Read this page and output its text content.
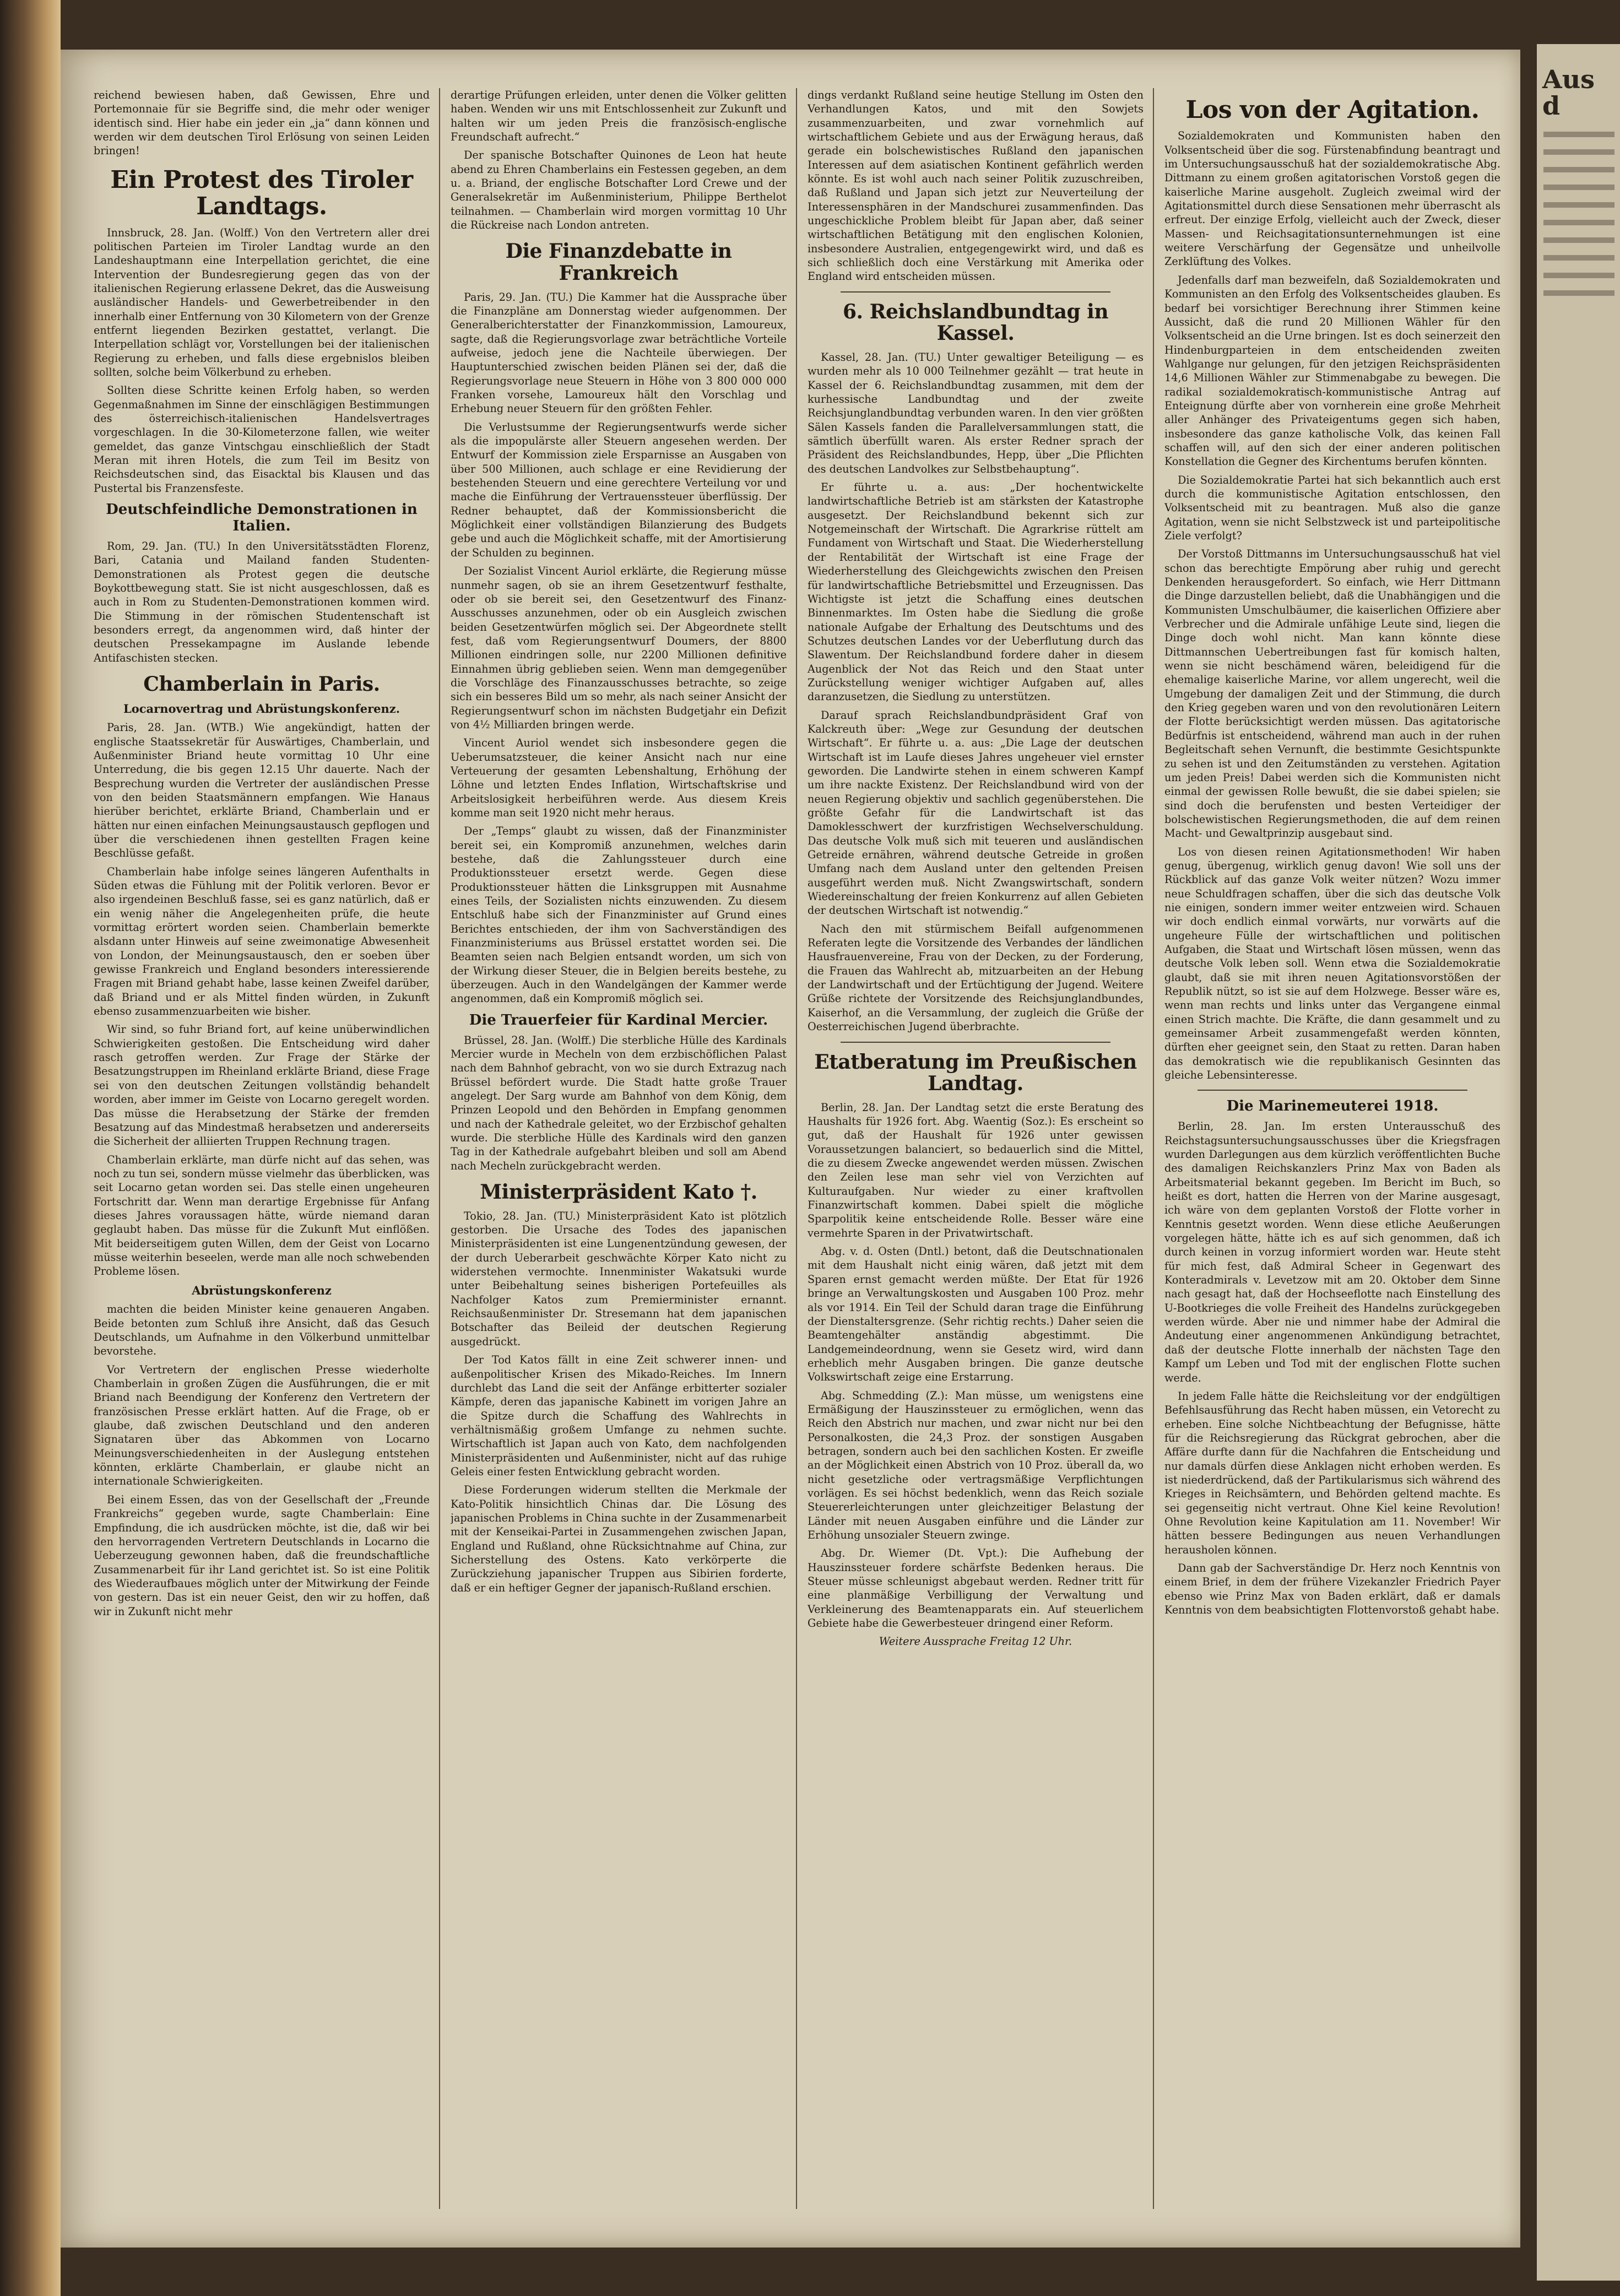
reichend bewiesen haben, daß Gewissen, Ehre und Portemonnaie für sie Begriffe sind, die mehr oder weniger identisch sind. Hier habe ein jeder ein „ja“ dann können und werden wir dem deutschen Tirol Erlösung von seinen Leiden bringen!

Ein Protest des Tiroler Landtags.

Innsbruck, 28. Jan. (Wolff.) Von den Vertretern aller drei politischen Parteien im Tiroler Landtag wurde an den Landeshauptmann eine Interpellation gerichtet, die eine Intervention der Bundesregierung gegen das von der italienischen Regierung erlassene Dekret, das die Ausweisung ausländischer Handels- und Gewerbetreibender in den innerhalb einer Entfernung von 30 Kilometern von der Grenze entfernt liegenden Bezirken gestattet, verlangt. Die Interpellation schlägt vor, Vorstellungen bei der italienischen Regierung zu erheben, und falls diese ergebnislos bleiben sollten, solche beim Völkerbund zu erheben.

Sollten diese Schritte keinen Erfolg haben, so werden Gegenmaßnahmen im Sinne der einschlägigen Bestimmungen des österreichisch-italienischen Handelsvertrages vorgeschlagen. In die 30-Kilometerzone fallen, wie weiter gemeldet, das ganze Vintschgau einschließlich der Stadt Meran mit ihren Hotels, die zum Teil im Besitz von Reichsdeutschen sind, das Eisacktal bis Klausen und das Pustertal bis Franzensfeste.

Deutschfeindliche Demonstrationen in Italien.

Rom, 29. Jan. (TU.) In den Universitätsstädten Florenz, Bari, Catania und Mailand fanden Studenten-Demonstrationen als Protest gegen die deutsche Boykottbewegung statt. Sie ist nicht ausgeschlossen, daß es auch in Rom zu Studenten-Demonstrationen kommen wird. Die Stimmung in der römischen Studentenschaft ist besonders erregt, da angenommen wird, daß hinter der deutschen Pressekampagne im Auslande lebende Antifaschisten stecken.

Chamberlain in Paris.
Locarnovertrag und Abrüstungskonferenz.

Paris, 28. Jan. (WTB.) Wie angekündigt, hatten der englische Staatssekretär für Auswärtiges, Chamberlain, und Außenminister Briand heute vormittag 10 Uhr eine Unterredung, die bis gegen 12.15 Uhr dauerte. Nach der Besprechung wurden die Vertreter der ausländischen Presse von den beiden Staatsmännern empfangen. Wie Hanaus hierüber berichtet, erklärte Briand, Chamberlain und er hätten nur einen einfachen Meinungsaustausch gepflogen und über die verschiedenen ihnen gestellten Fragen keine Beschlüsse gefaßt.

Chamberlain habe infolge seines längeren Aufenthalts in Süden etwas die Fühlung mit der Politik verloren. Bevor er also irgendeinen Beschluß fasse, sei es ganz natürlich, daß er ein wenig näher die Angelegenheiten prüfe, die heute vormittag erörtert worden seien. Chamberlain bemerkte alsdann unter Hinweis auf seine zweimonatige Abwesenheit von London, der Meinungsaustausch, den er soeben über gewisse Frankreich und England besonders interessierende Fragen mit Briand gehabt habe, lasse keinen Zweifel darüber, daß Briand und er als Mittel finden würden, in Zukunft ebenso zusammenzuarbeiten wie bisher.

Wir sind, so fuhr Briand fort, auf keine unüberwindlichen Schwierigkeiten gestoßen. Die Entscheidung wird daher rasch getroffen werden. Zur Frage der Stärke der Besatzungstruppen im Rheinland erklärte Briand, diese Frage sei von den deutschen Zeitungen vollständig behandelt worden, aber immer im Geiste von Locarno geregelt worden. Das müsse die Herabsetzung der Stärke der fremden Besatzung auf das Mindestmaß herabsetzen und andererseits die Sicherheit der alliierten Truppen Rechnung tragen.

Chamberlain erklärte, man dürfe nicht auf das sehen, was noch zu tun sei, sondern müsse vielmehr das überblicken, was seit Locarno getan worden sei. Das stelle einen ungeheuren Fortschritt dar. Wenn man derartige Ergebnisse für Anfang dieses Jahres voraussagen hätte, würde niemand daran geglaubt haben. Das müsse für die Zukunft Mut einflößen. Mit beiderseitigem guten Willen, dem der Geist von Locarno müsse weiterhin beseelen, werde man alle noch schwebenden Probleme lösen.

Abrüstungskonferenz

machten die beiden Minister keine genaueren Angaben. Beide betonten zum Schluß ihre Ansicht, daß das Gesuch Deutschlands, um Aufnahme in den Völkerbund unmittelbar bevorstehe.

Vor Vertretern der englischen Presse wiederholte Chamberlain in großen Zügen die Ausführungen, die er mit Briand nach Beendigung der Konferenz den Vertretern der französischen Presse erklärt hatten. Auf die Frage, ob er glaube, daß zwischen Deutschland und den anderen Signataren über das Abkommen von Locarno Meinungsverschiedenheiten in der Auslegung entstehen könnten, erklärte Chamberlain, er glaube nicht an internationale Schwierigkeiten.

Bei einem Essen, das von der Gesellschaft der „Freunde Frankreichs“ gegeben wurde, sagte Chamberlain: Eine Empfindung, die ich ausdrücken möchte, ist die, daß wir bei den hervorragenden Vertretern Deutschlands in Locarno die Ueberzeugung gewonnen haben, daß die freundschaftliche Zusammenarbeit für ihr Land gerichtet ist. So ist eine Politik des Wiederaufbaues möglich unter der Mitwirkung der Feinde von gestern. Das ist ein neuer Geist, den wir zu hoffen, daß wir in Zukunft nicht mehr

derartige Prüfungen erleiden, unter denen die Völker gelitten haben. Wenden wir uns mit Entschlossenheit zur Zukunft und halten wir um jeden Preis die französisch-englische Freundschaft aufrecht.“

Der spanische Botschafter Quinones de Leon hat heute abend zu Ehren Chamberlains ein Festessen gegeben, an dem u. a. Briand, der englische Botschafter Lord Crewe und der Generalsekretär im Außenministerium, Philippe Berthelot teilnahmen. — Chamberlain wird morgen vormittag 10 Uhr die Rückreise nach London antreten.

Die Finanzdebatte in Frankreich

Paris, 29. Jan. (TU.) Die Kammer hat die Aussprache über die Finanzpläne am Donnerstag wieder aufgenommen. Der Generalberichterstatter der Finanzkommission, Lamoureux, sagte, daß die Regierungsvorlage zwar beträchtliche Vorteile aufweise, jedoch jene die Nachteile überwiegen. Der Hauptunterschied zwischen beiden Plänen sei der, daß die Regierungsvorlage neue Steuern in Höhe von 3 800 000 000 Franken vorsehe, Lamoureux hält den Vorschlag und Erhebung neuer Steuern für den größten Fehler.

Die Verlustsumme der Regierungsentwurfs werde sicher als die impopulärste aller Steuern angesehen werden. Der Entwurf der Kommission ziele Ersparnisse an Ausgaben von über 500 Millionen, auch schlage er eine Revidierung der bestehenden Steuern und eine gerechtere Verteilung vor und mache die Einführung der Vertrauenssteuer überflüssig. Der Redner behauptet, daß der Kommissionsbericht die Möglichkeit einer vollständigen Bilanzierung des Budgets gebe und auch die Möglichkeit schaffe, mit der Amortisierung der Schulden zu beginnen.

Der Sozialist Vincent Auriol erklärte, die Regierung müsse nunmehr sagen, ob sie an ihrem Gesetzentwurf festhalte, oder ob sie bereit sei, den Gesetzentwurf des Finanz-Ausschusses anzunehmen, oder ob ein Ausgleich zwischen beiden Gesetzentwürfen möglich sei. Der Abgeordnete stellt fest, daß vom Regierungsentwurf Doumers, der 8800 Millionen eindringen solle, nur 2200 Millionen definitive Einnahmen übrig geblieben seien. Wenn man demgegenüber die Vorschläge des Finanzausschusses betrachte, so zeige sich ein besseres Bild um so mehr, als nach seiner Ansicht der Regierungsentwurf schon im nächsten Budgetjahr ein Defizit von 4½ Milliarden bringen werde.

Vincent Auriol wendet sich insbesondere gegen die Ueberumsatzsteuer, die keiner Ansicht nach nur eine Verteuerung der gesamten Lebenshaltung, Erhöhung der Löhne und letzten Endes Inflation, Wirtschaftskrise und Arbeitslosigkeit herbeiführen werde. Aus diesem Kreis komme man seit 1920 nicht mehr heraus.

Der „Temps“ glaubt zu wissen, daß der Finanzminister bereit sei, ein Kompromiß anzunehmen, welches darin bestehe, daß die Zahlungssteuer durch eine Produktionssteuer ersetzt werde. Gegen diese Produktionssteuer hätten die Linksgruppen mit Ausnahme eines Teils, der Sozialisten nichts einzuwenden. Zu diesem Entschluß habe sich der Finanzminister auf Grund eines Berichtes entschieden, der ihm von Sachverständigen des Finanzministeriums aus Brüssel erstattet worden sei. Die Beamten seien nach Belgien entsandt worden, um sich von der Wirkung dieser Steuer, die in Belgien bereits bestehe, zu überzeugen. Auch in den Wandelgängen der Kammer werde angenommen, daß ein Kompromiß möglich sei.

Die Trauerfeier für Kardinal Mercier.

Brüssel, 28. Jan. (Wolff.) Die sterbliche Hülle des Kardinals Mercier wurde in Mecheln von dem erzbischöflichen Palast nach dem Bahnhof gebracht, von wo sie durch Extrazug nach Brüssel befördert wurde. Die Stadt hatte große Trauer angelegt. Der Sarg wurde am Bahnhof von dem König, dem Prinzen Leopold und den Behörden in Empfang genommen und nach der Kathedrale geleitet, wo der Erzbischof gehalten wurde. Die sterbliche Hülle des Kardinals wird den ganzen Tag in der Kathedrale aufgebahrt bleiben und soll am Abend nach Mecheln zurückgebracht werden.

Ministerpräsident Kato †.

Tokio, 28. Jan. (TU.) Ministerpräsident Kato ist plötzlich gestorben. Die Ursache des Todes des japanischen Ministerpräsidenten ist eine Lungenentzündung gewesen, der der durch Ueberarbeit geschwächte Körper Kato nicht zu widerstehen vermochte. Innenminister Wakatsuki wurde unter Beibehaltung seines bisherigen Portefeuilles als Nachfolger Katos zum Premierminister ernannt. Reichsaußenminister Dr. Stresemann hat dem japanischen Botschafter das Beileid der deutschen Regierung ausgedrückt.

Der Tod Katos fällt in eine Zeit schwerer innen- und außenpolitischer Krisen des Mikado-Reiches. Im Innern durchlebt das Land die seit der Anfänge erbitterter sozialer Kämpfe, deren das japanische Kabinett im vorigen Jahre an die Spitze durch die Schaffung des Wahlrechts in verhältnismäßig großem Umfange zu nehmen suchte. Wirtschaftlich ist Japan auch von Kato, dem nachfolgenden Ministerpräsidenten und Außenminister, nicht auf das ruhige Geleis einer festen Entwicklung gebracht worden.

Diese Forderungen widerum stellten die Merkmale der Kato-Politik hinsichtlich Chinas dar. Die Lösung des japanischen Problems in China suchte in der Zusammenarbeit mit der Kenseikai-Partei in Zusammengehen zwischen Japan, England und Rußland, ohne Rücksichtnahme auf China, zur Sicherstellung des Ostens. Kato verkörperte die Zurückziehung japanischer Truppen aus Sibirien forderte, daß er ein heftiger Gegner der japanisch-Rußland erschien.

dings verdankt Rußland seine heutige Stellung im Osten den Verhandlungen Katos, und mit den Sowjets zusammenzuarbeiten, und zwar vornehmlich auf wirtschaftlichem Gebiete und aus der Erwägung heraus, daß gerade ein bolschewistisches Rußland den japanischen Interessen auf dem asiatischen Kontinent gefährlich werden könnte. Es ist wohl auch nach seiner Politik zuzuschreiben, daß Rußland und Japan sich jetzt zur Neuverteilung der Interessensphären in der Mandschurei zusammenfinden. Das ungeschickliche Problem bleibt für Japan aber, daß seiner wirtschaftlichen Betätigung mit den englischen Kolonien, insbesondere Australien, entgegengewirkt wird, und daß es sich schließlich doch eine Verstärkung mit Amerika oder England wird entscheiden müssen.

6. Reichslandbundtag in Kassel.

Kassel, 28. Jan. (TU.) Unter gewaltiger Beteiligung — es wurden mehr als 10 000 Teilnehmer gezählt — trat heute in Kassel der 6. Reichslandbundtag zusammen, mit dem der kurhessische Landbundtag und der zweite Reichsjunglandbundtag verbunden waren. In den vier größten Sälen Kassels fanden die Parallelversammlungen statt, die sämtlich überfüllt waren. Als erster Redner sprach der Präsident des Reichslandbundes, Hepp, über „Die Pflichten des deutschen Landvolkes zur Selbstbehauptung“.

Er führte u. a. aus: „Der hochentwickelte landwirtschaftliche Betrieb ist am stärksten der Katastrophe ausgesetzt. Der Reichslandbund bekennt sich zur Notgemeinschaft der Wirtschaft. Die Agrarkrise rüttelt am Fundament von Wirtschaft und Staat. Die Wiederherstellung der Rentabilität der Wirtschaft ist eine Frage der Wiederherstellung des Gleichgewichts zwischen den Preisen für landwirtschaftliche Betriebsmittel und Erzeugnissen. Das Wichtigste ist jetzt die Schaffung eines deutschen Binnenmarktes. Im Osten habe die Siedlung die große nationale Aufgabe der Erhaltung des Deutschtums und des Schutzes deutschen Landes vor der Ueberflutung durch das Slawentum. Der Reichslandbund fordere daher in diesem Augenblick der Not das Reich und den Staat unter Zurückstellung weniger wichtiger Aufgaben auf, alles daranzusetzen, die Siedlung zu unterstützen.

Darauf sprach Reichslandbundpräsident Graf von Kalckreuth über: „Wege zur Gesundung der deutschen Wirtschaft“. Er führte u. a. aus: „Die Lage der deutschen Wirtschaft ist im Laufe dieses Jahres ungeheuer viel ernster geworden. Die Landwirte stehen in einem schweren Kampf um ihre nackte Existenz. Der Reichslandbund wird von der neuen Regierung objektiv und sachlich gegenüberstehen. Die größte Gefahr für die Landwirtschaft ist das Damoklesschwert der kurzfristigen Wechselverschuldung. Das deutsche Volk muß sich mit teueren und ausländischen Getreide ernähren, während deutsche Getreide in großen Umfang nach dem Ausland unter den geltenden Preisen ausgeführt werden muß. Nicht Zwangswirtschaft, sondern Wiedereinschaltung der freien Konkurrenz auf allen Gebieten der deutschen Wirtschaft ist notwendig.“

Nach den mit stürmischem Beifall aufgenommenen Referaten legte die Vorsitzende des Verbandes der ländlichen Hausfrauenvereine, Frau von der Decken, zu der Forderung, die Frauen das Wahlrecht ab, mitzuarbeiten an der Hebung der Landwirtschaft und der Ertüchtigung der Jugend. Weitere Grüße richtete der Vorsitzende des Reichsjunglandbundes, Kaiserhof, an die Versammlung, der zugleich die Grüße der Oesterreichischen Jugend überbrachte.

Etatberatung im Preußischen Landtag.

Berlin, 28. Jan. Der Landtag setzt die erste Beratung des Haushalts für 1926 fort. Abg. Waentig (Soz.): Es erscheint so gut, daß der Haushalt für 1926 unter gewissen Voraussetzungen balanciert, so bedauerlich sind die Mittel, die zu diesem Zwecke angewendet werden müssen. Zwischen den Zeilen lese man sehr viel von Verzichten auf Kulturaufgaben. Nur wieder zu einer kraftvollen Finanzwirtschaft kommen. Dabei spielt die mögliche Sparpolitik keine entscheidende Rolle. Besser wäre eine vermehrte Sparen in der Privatwirtschaft.

Abg. v. d. Osten (Dntl.) betont, daß die Deutschnationalen mit dem Haushalt nicht einig wären, daß jetzt mit dem Sparen ernst gemacht werden müßte. Der Etat für 1926 bringe an Verwaltungskosten und Ausgaben 100 Proz. mehr als vor 1914. Ein Teil der Schuld daran trage die Einführung der Dienstaltersgrenze. (Sehr richtig rechts.) Daher seien die Beamtengehälter anständig abgestimmt. Die Landgemeindeordnung, wenn sie Gesetz wird, wird dann erheblich mehr Ausgaben bringen. Die ganze deutsche Volkswirtschaft zeige eine Erstarrung.

Abg. Schmedding (Z.): Man müsse, um wenigstens eine Ermäßigung der Hauszinssteuer zu ermöglichen, wenn das Reich den Abstrich nur machen, und zwar nicht nur bei den Personalkosten, die 24,3 Proz. der sonstigen Ausgaben betragen, sondern auch bei den sachlichen Kosten. Er zweifle an der Möglichkeit einen Abstrich von 10 Proz. überall da, wo nicht gesetzliche oder vertragsmäßige Verpflichtungen vorlägen. Es sei höchst bedenklich, wenn das Reich soziale Steuererleichterungen unter gleichzeitiger Belastung der Länder mit neuen Ausgaben einführe und die Länder zur Erhöhung unsozialer Steuern zwinge.

Abg. Dr. Wiemer (Dt. Vpt.): Die Aufhebung der Hauszinssteuer fordere schärfste Bedenken heraus. Die Steuer müsse schleunigst abgebaut werden. Redner tritt für eine planmäßige Verbilligung der Verwaltung und Verkleinerung des Beamtenapparats ein. Auf steuerlichem Gebiete habe die Gewerbesteuer dringend einer Reform.

Weitere Aussprache Freitag 12 Uhr.
Los von der Agitation.

Sozialdemokraten und Kommunisten haben den Volksentscheid über die sog. Fürstenabfindung beantragt und im Untersuchungsausschuß hat der sozialdemokratische Abg. Dittmann zu einem großen agitatorischen Vorstoß gegen die kaiserliche Marine ausgeholt. Zugleich zweimal wird der Agitationsmittel durch diese Sensationen mehr überrascht als erfreut. Der einzige Erfolg, vielleicht auch der Zweck, dieser Massen- und Reichsagitationsunternehmungen ist eine weitere Verschärfung der Gegensätze und unheilvolle Zerklüftung des Volkes.

Jedenfalls darf man bezweifeln, daß Sozialdemokraten und Kommunisten an den Erfolg des Volksentscheides glauben. Es bedarf bei vorsichtiger Berechnung ihrer Stimmen keine Aussicht, daß die rund 20 Millionen Wähler für den Volksentscheid an die Urne bringen. Ist es doch seinerzeit den Hindenburgparteien in dem entscheidenden zweiten Wahlgange nur gelungen, für den jetzigen Reichspräsidenten 14,6 Millionen Wähler zur Stimmenabgabe zu bewegen. Die radikal sozialdemokratisch-kommunistische Antrag auf Enteignung dürfte aber von vornherein eine große Mehrheit aller Anhänger des Privateigentums gegen sich haben, insbesondere das ganze katholische Volk, das keinen Fall schaffen will, auf den sich der einer anderen politischen Konstellation die Gegner des Kirchentums berufen könnten.

Die Sozialdemokratie Partei hat sich bekanntlich auch erst durch die kommunistische Agitation entschlossen, den Volksentscheid mit zu beantragen. Muß also die ganze Agitation, wenn sie nicht Selbstzweck ist und parteipolitische Ziele verfolgt?

Der Vorstoß Dittmanns im Untersuchungsausschuß hat viel schon das berechtigte Empörung aber ruhig und gerecht Denkenden herausgefordert. So einfach, wie Herr Dittmann die Dinge darzustellen beliebt, daß die Unabhängigen und die Kommunisten Umschulbäumer, die kaiserlichen Offiziere aber Verbrecher und die Admirale unfähige Leute sind, liegen die Dinge doch wohl nicht. Man kann könnte diese Dittmannschen Uebertreibungen fast für komisch halten, wenn sie nicht beschämend wären, beleidigend für die ehemalige kaiserliche Marine, vor allem ungerecht, weil die Umgebung der damaligen Zeit und der Stimmung, die durch den Krieg gegeben waren und von den revolutionären Leitern der Flotte berücksichtigt werden müssen. Das agitatorische Bedürfnis ist entscheidend, während man auch in der ruhen Begleitschaft sehen Vernunft, die bestimmte Gesichtspunkte zu sehen ist und den Zeitumständen zu verstehen. Agitation um jeden Preis! Dabei werden sich die Kommunisten nicht einmal der gewissen Rolle bewußt, die sie dabei spielen; sie sind doch die berufensten und besten Verteidiger der bolschewistischen Regierungsmethoden, die auf dem reinen Macht- und Gewaltprinzip ausgebaut sind.

Los von diesen reinen Agitationsmethoden! Wir haben genug, übergenug, wirklich genug davon! Wie soll uns der Rückblick auf das ganze Volk weiter nützen? Wozu immer neue Schuldfragen schaffen, über die sich das deutsche Volk nie einigen, sondern immer weiter entzweien wird. Schauen wir doch endlich einmal vorwärts, nur vorwärts auf die ungeheure Fülle der wirtschaftlichen und politischen Aufgaben, die Staat und Wirtschaft lösen müssen, wenn das deutsche Volk leben soll. Wenn etwa die Sozialdemokratie glaubt, daß sie mit ihren neuen Agitationsvorstößen der Republik nützt, so ist sie auf dem Holzwege. Besser wäre es, wenn man rechts und links unter das Vergangene einmal einen Strich machte. Die Kräfte, die dann gesammelt und zu gemeinsamer Arbeit zusammengefaßt werden könnten, dürften eher geeignet sein, den Staat zu retten. Daran haben das demokratisch wie die republikanisch Gesinnten das gleiche Lebensinteresse.

Die Marinemeuterei 1918.

Berlin, 28. Jan. Im ersten Unterausschuß des Reichstagsuntersuchungsausschusses über die Kriegsfragen wurden Darlegungen aus dem kürzlich veröffentlichten Buche des damaligen Reichskanzlers Prinz Max von Baden als Arbeitsmaterial bekannt gegeben. Im Bericht im Buch, so heißt es dort, hatten die Herren von der Marine ausgesagt, ich wäre von dem geplanten Vorstoß der Flotte vorher in Kenntnis gesetzt worden. Wenn diese etliche Aeußerungen vorgelegen hätte, hätte ich es auf sich genommen, daß ich durch keinen in vorzug informiert worden war. Heute steht für mich fest, daß Admiral Scheer in Gegenwart des Konteradmirals v. Levetzow mit am 20. Oktober dem Sinne nach gesagt hat, daß der Hochseeflotte nach Einstellung des U-Bootkrieges die volle Freiheit des Handelns zurückgegeben werden würde. Aber nie und nimmer habe der Admiral die Andeutung einer angenommenen Ankündigung betrachtet, daß der deutsche Flotte innerhalb der nächsten Tage den Kampf um Leben und Tod mit der englischen Flotte suchen werde.

In jedem Falle hätte die Reichsleitung vor der endgültigen Befehlsausführung das Recht haben müssen, ein Vetorecht zu erheben. Eine solche Nichtbeachtung der Befugnisse, hätte für die Reichsregierung das Rückgrat gebrochen, aber die Affäre durfte dann für die Nachfahren die Entscheidung und nur damals dürfen diese Anklagen nicht erhoben werden. Es ist niederdrückend, daß der Partikularismus sich während des Krieges in Reichsämtern, und Behörden geltend machte. Es sei gegenseitig nicht vertraut. Ohne Kiel keine Revolution! Ohne Revolution keine Kapitulation am 11. November! Wir hätten bessere Bedingungen aus neuen Verhandlungen herausholen können.

Dann gab der Sachverständige Dr. Herz noch Kenntnis von einem Brief, in dem der frühere Vizekanzler Friedrich Payer ebenso wie Prinz Max von Baden erklärt, daß er damals Kenntnis von dem beabsichtigten Flottenvorstoß gehabt habe.

Aus d
